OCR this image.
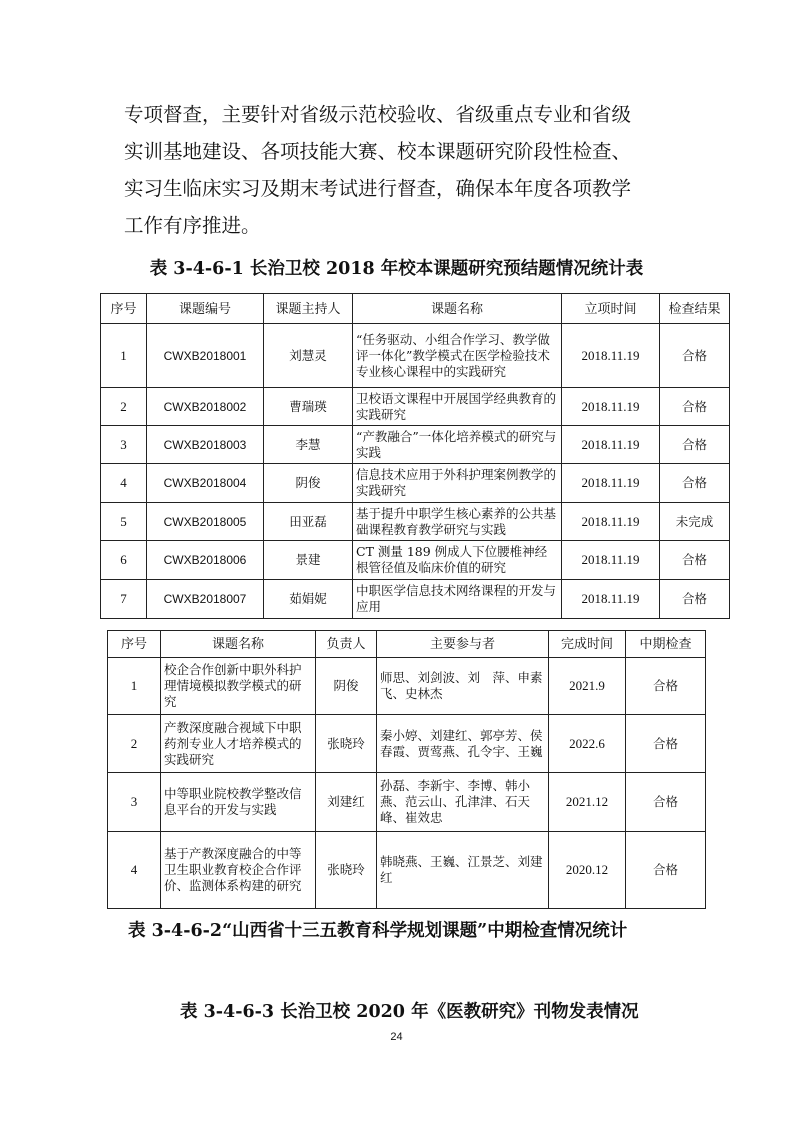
专项督查，主要针对省级示范校验收、省级重点专业和省级
实训基地建设、各项技能大赛、校本课题研究阶段性检查、
实习生临床实习及期末考试进行督查，确保本年度各项教学
工作有序推进。
表 3-4-6-1 长治卫校 2018 年校本课题研究预结题情况统计表
序号	课题编号	课题主持人	课题名称	立项时间	检查结果
1	CWXB2018001	刘慧灵	“任务驱动、小组合作学习、教学做评一体化”教学模式在医学检验技术专业核心课程中的实践研究	2018.11.19	合格
2	CWXB2018002	曹瑞瑛	卫校语文课程中开展国学经典教育的实践研究	2018.11.19	合格
3	CWXB2018003	李慧	“产教融合”一体化培养模式的研究与实践	2018.11.19	合格
4	CWXB2018004	阴俊	信息技术应用于外科护理案例教学的实践研究	2018.11.19	合格
5	CWXB2018005	田亚磊	基于提升中职学生核心素养的公共基础课程教育教学研究与实践	2018.11.19	未完成
6	CWXB2018006	景建	CT 测量 189 例成人下位腰椎神经根管径值及临床价值的研究	2018.11.19	合格
7	CWXB2018007	茹娟妮	中职医学信息技术网络课程的开发与应用	2018.11.19	合格
序号	课题名称	负责人	主要参与者	完成时间	中期检查
1	校企合作创新中职外科护理情境模拟教学模式的研究	阴俊	师思、刘剑波、刘　萍、申素飞、史林杰	2021.9	合格
2	产教深度融合视域下中职药剂专业人才培养模式的实践研究	张晓玲	秦小婷、刘建红、郭亭芳、侯春霞、贾莺燕、孔令宇、王巍	2022.6	合格
3	中等职业院校教学整改信息平台的开发与实践	刘建红	孙磊、李新宇、李博、韩小燕、范云山、孔津津、石天峰、崔效忠	2021.12	合格
4	基于产教深度融合的中等卫生职业教育校企合作评价、监测体系构建的研究	张晓玲	韩晓燕、王巍、江景芝、刘建红	2020.12	合格
表 3-4-6-2“山西省十三五教育科学规划课题”中期检查情况统计
表 3-4-6-3 长治卫校 2020 年《医教研究》刊物发表情况
24
